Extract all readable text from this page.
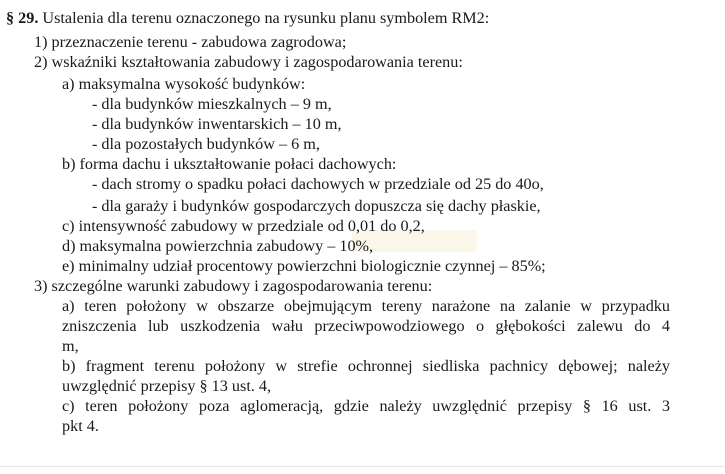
§ 29. Ustalenia dla terenu oznaczonego na rysunku planu symbolem RM2:
1) przeznaczenie terenu - zabudowa zagrodowa;
2) wskaźniki kształtowania zabudowy i zagospodarowania terenu:
a) maksymalna wysokość budynków:
- dla budynków mieszkalnych – 9 m,
- dla budynków inwentarskich – 10 m,
- dla pozostałych budynków – 6 m,
b) forma dachu i ukształtowanie połaci dachowych:
- dach stromy o spadku połaci dachowych w przedziale od 25 do 40o,
- dla garaży i budynków gospodarczych dopuszcza się dachy płaskie,
c) intensywność zabudowy w przedziale od 0,01 do 0,2,
d) maksymalna powierzchnia zabudowy – 10%,
e) minimalny udział procentowy powierzchni biologicznie czynnej – 85%;
3) szczególne warunki zabudowy i zagospodarowania terenu:
a) teren położony w obszarze obejmującym tereny narażone na zalanie w przypadku
zniszczenia lub uszkodzenia wału przeciwpowodziowego o głębokości zalewu do 4
m,
b) fragment terenu położony w strefie ochronnej siedliska pachnicy dębowej; należy
uwzględnić przepisy § 13 ust. 4,
c) teren położony poza aglomeracją, gdzie należy uwzględnić przepisy § 16 ust. 3
pkt 4.
